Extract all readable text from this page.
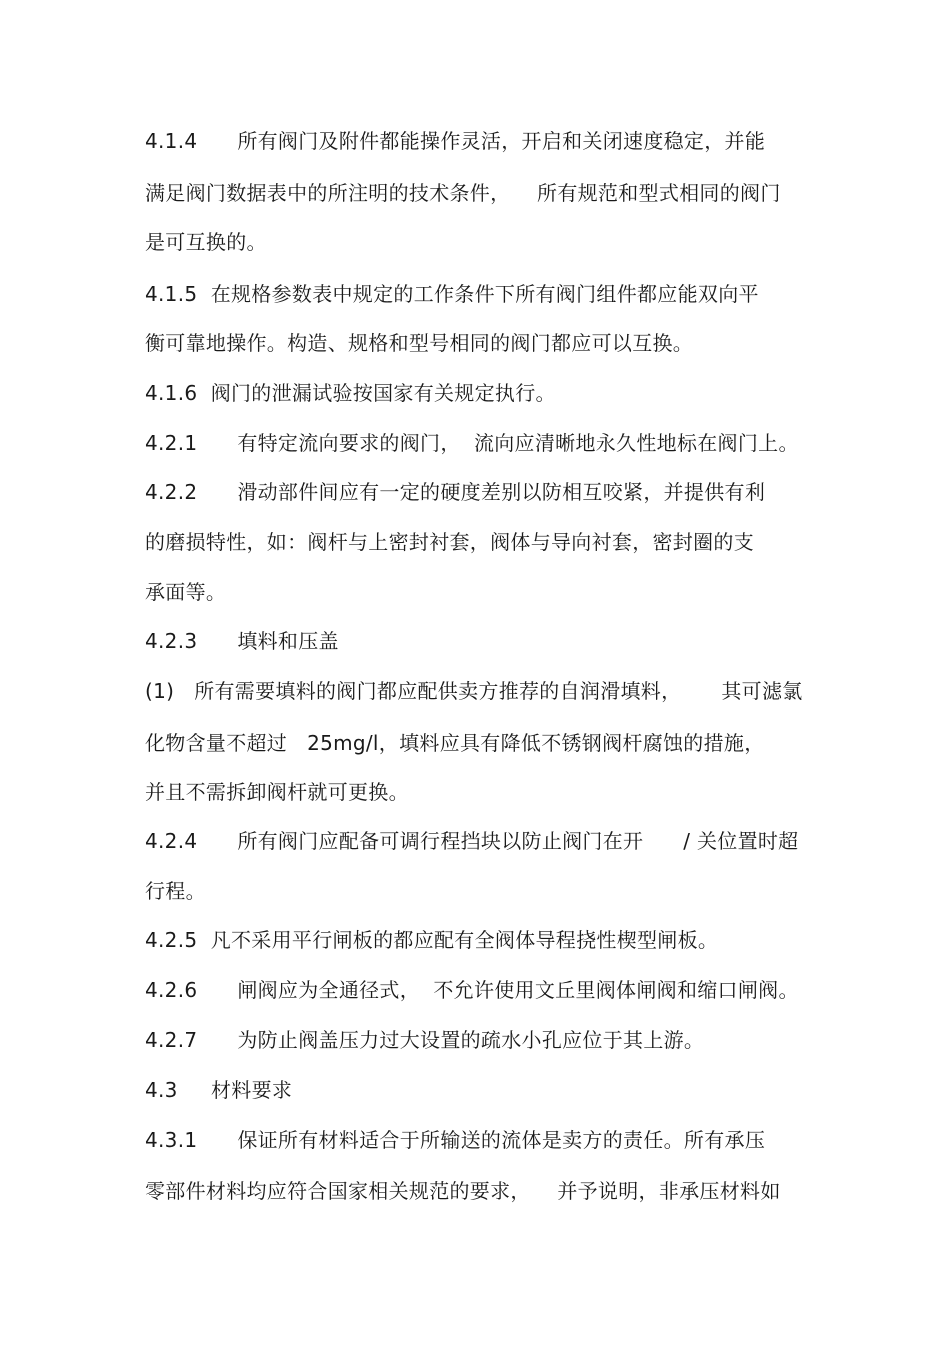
4.1.4      所有阀门及附件都能操作灵活，开启和关闭速度稳定，并能
满足阀门数据表中的所注明的技术条件，    所有规范和型式相同的阀门
是可互换的。
4.1.5  在规格参数表中规定的工作条件下所有阀门组件都应能双向平
衡可靠地操作。构造、规格和型号相同的阀门都应可以互换。
4.1.6  阀门的泄漏试验按国家有关规定执行。
4.2.1      有特定流向要求的阀门，  流向应清晰地永久性地标在阀门上。
4.2.2      滑动部件间应有一定的硬度差别以防相互咬紧，并提供有利
的磨损特性，如：阀杆与上密封衬套，阀体与导向衬套，密封圈的支
承面等。
4.2.3      填料和压盖
(1)   所有需要填料的阀门都应配供卖方推荐的自润滑填料，      其可滤氯
化物含量不超过   25mg/l，填料应具有降低不锈钢阀杆腐蚀的措施，
并且不需拆卸阀杆就可更换。
4.2.4      所有阀门应配备可调行程挡块以防止阀门在开      / 关位置时超
行程。
4.2.5  凡不采用平行闸板的都应配有全阀体导程挠性楔型闸板。
4.2.6      闸阀应为全通径式，  不允许使用文丘里阀体闸阀和缩口闸阀。
4.2.7      为防止阀盖压力过大设置的疏水小孔应位于其上游。
4.3     材料要求
4.3.1      保证所有材料适合于所输送的流体是卖方的责任。所有承压
零部件材料均应符合国家相关规范的要求，    并予说明，非承压材料如
